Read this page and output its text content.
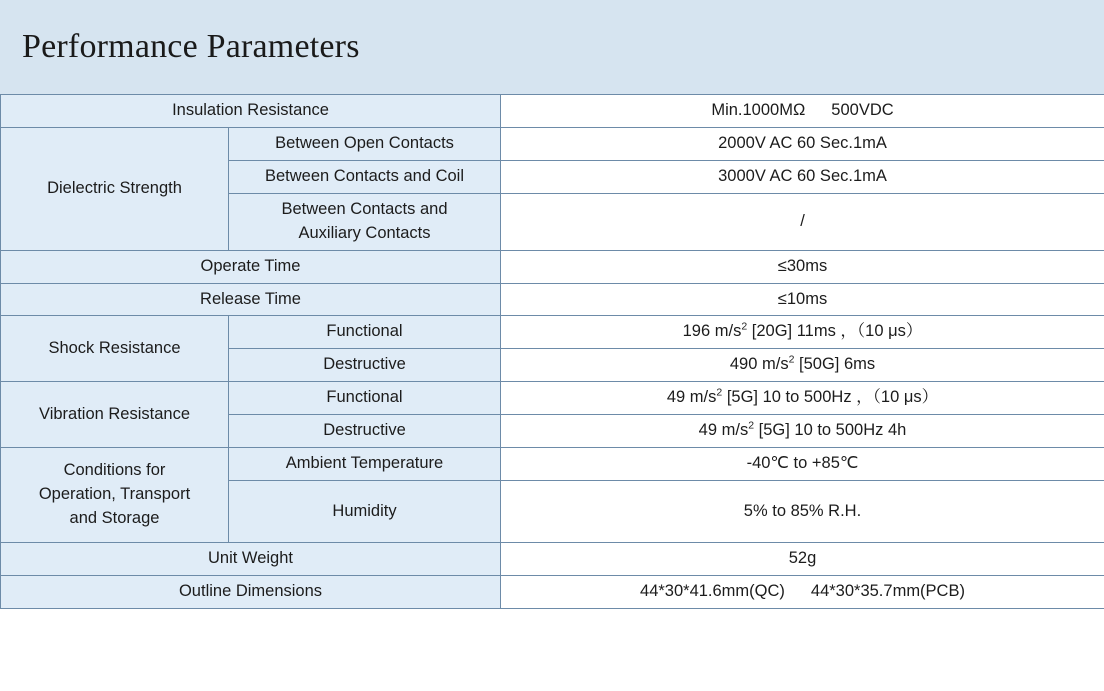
Performance Parameters
Insulation Resistance		Min.1000MΩ 500VDC
Dielectric Strength	Between Open Contacts	2000V AC 60 Sec.1mA
	Between Contacts and Coil	3000V AC 60 Sec.1mA

	Between Contacts and
Auxiliary Contacts	/
Operate Time		≤30ms
Release Time		≤10ms
Shock Resistance	Functional	196 $m/s^2$ [20G] 11ms ，（10 μs）
	Destructive	490 $m/s^2$ [50G] 6ms
Vibration Resistance	Functional	49 $m/s^2$ [5G] 10 to 500Hz ，（10 μs）
	Destructive	49 $m/s^2$ [5G] 10 to 500Hz 4h

Conditions for
Operation, Transport
and Storage	Ambient Temperature	-40℃ to +85℃
	Humidity	5% to 85% R.H.
Unit Weight		52g
Outline Dimensions		44*30*41.6mm(QC) 44*30*35.7mm(PCB)
